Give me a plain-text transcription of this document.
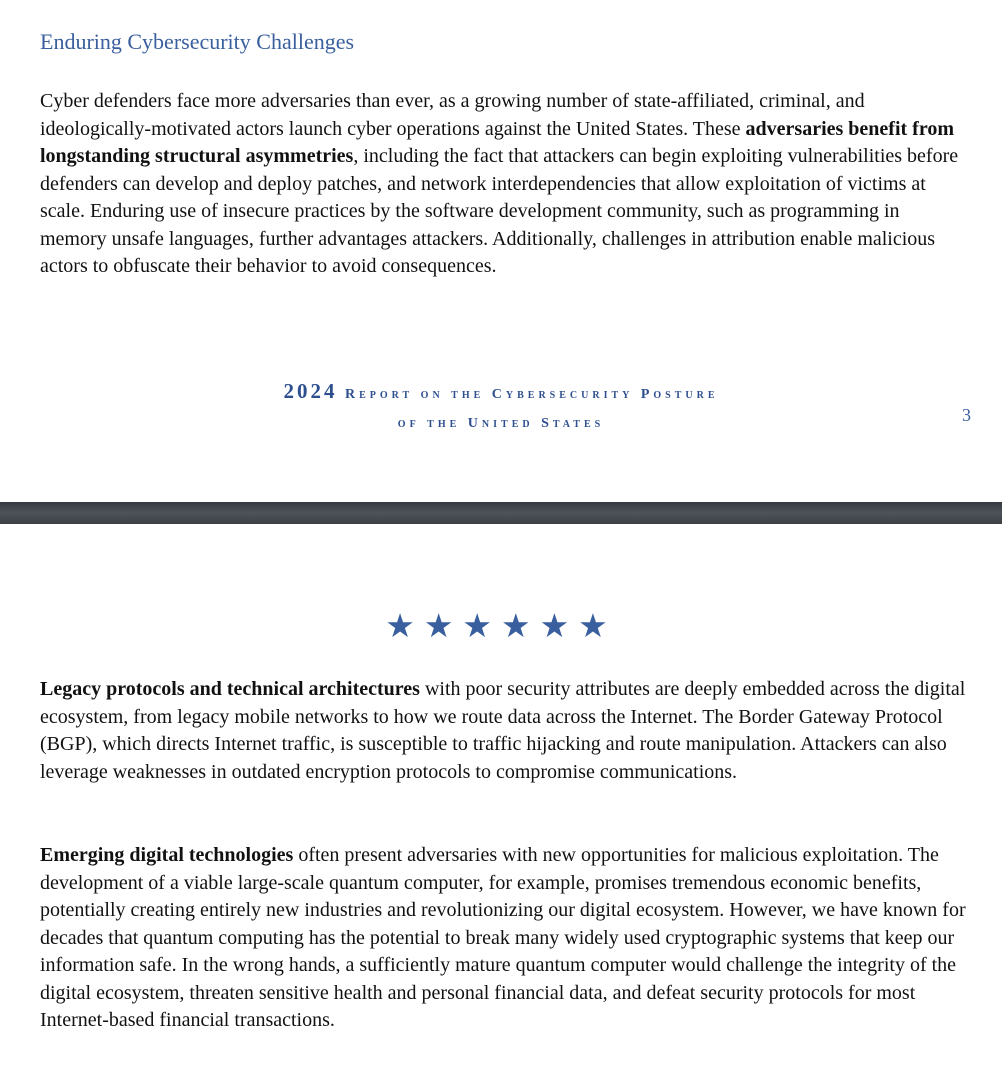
Enduring Cybersecurity Challenges

Cyber defenders face more adversaries than ever, as a growing number of state-affiliated, criminal, and ideologically-motivated actors launch cyber operations against the United States. These adversaries benefit from longstanding structural asymmetries, including the fact that attackers can begin exploiting vulnerabilities before defenders can develop and deploy patches, and network interdependencies that allow exploitation of victims at scale. Enduring use of insecure practices by the software development community, such as programming in memory unsafe languages, further advantages attackers. Additionally, challenges in attribution enable malicious actors to obfuscate their behavior to avoid consequences.

2024 Report on the Cybersecurity Posture
of the United States	3
★★★★★★

Legacy protocols and technical architectures with poor security attributes are deeply embedded across the digital ecosystem, from legacy mobile networks to how we route data across the Internet. The Border Gateway Protocol (BGP), which directs Internet traffic, is susceptible to traffic hijacking and route manipulation. Attackers can also leverage weaknesses in outdated encryption protocols to compromise communications.

Emerging digital technologies often present adversaries with new opportunities for malicious exploitation. The development of a viable large-scale quantum computer, for example, promises tremendous economic benefits, potentially creating entirely new industries and revolutionizing our digital ecosystem. However, we have known for decades that quantum computing has the potential to break many widely used cryptographic systems that keep our information safe. In the wrong hands, a sufficiently mature quantum computer would challenge the integrity of the digital ecosystem, threaten sensitive health and personal financial data, and defeat security protocols for most Internet-based financial transactions.
